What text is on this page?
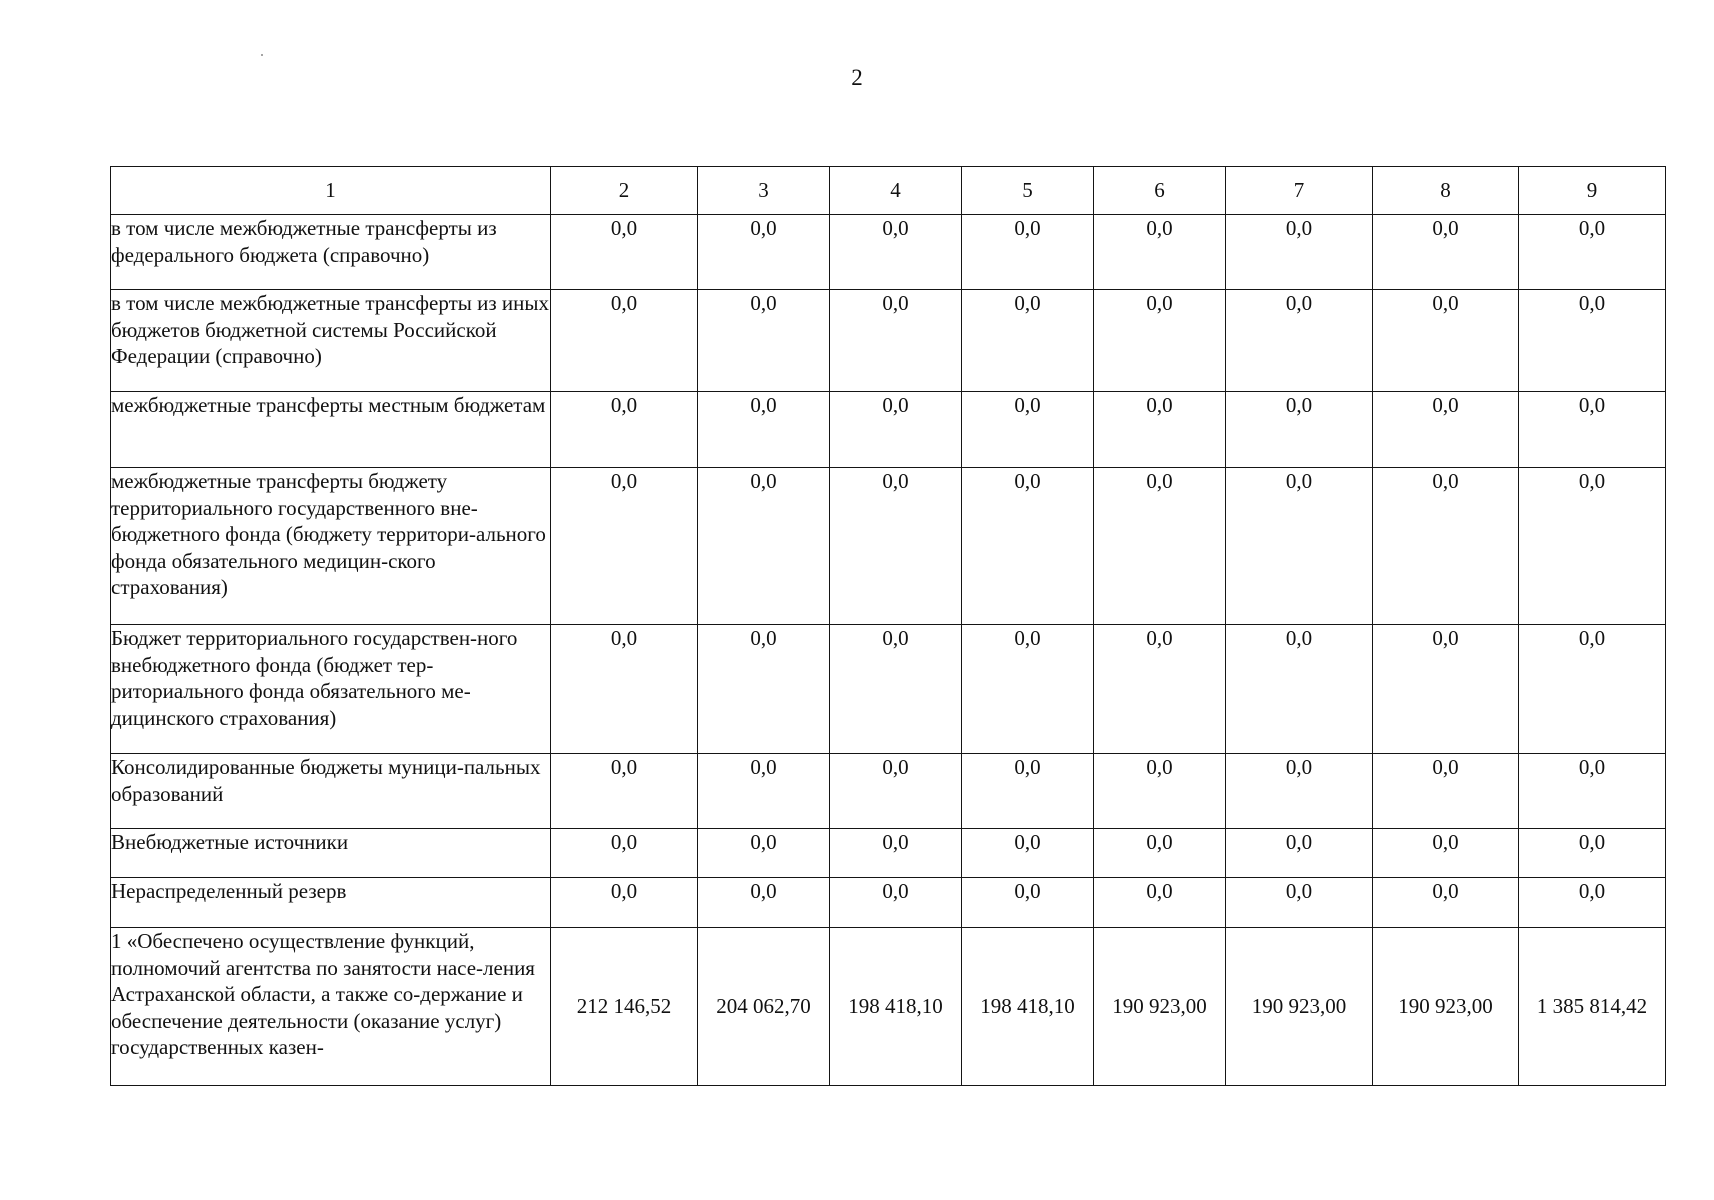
2
1	2	3	4	5	6	7	8	9
в том числе межбюджетные трансферты из федерального бюджета (справочно)	0,0	0,0	0,0	0,0	0,0	0,0	0,0	0,0
в том числе межбюджетные трансферты из иных бюджетов бюджетной системы Российской Федерации (справочно)	0,0	0,0	0,0	0,0	0,0	0,0	0,0	0,0
межбюджетные трансферты местным бюджетам	0,0	0,0	0,0	0,0	0,0	0,0	0,0	0,0
межбюджетные трансферты бюджету территориального государственного вне-бюджетного фонда (бюджету территори-ального фонда обязательного медицин-ского страхования)	0,0	0,0	0,0	0,0	0,0	0,0	0,0	0,0
Бюджет территориального государствен-ного внебюджетного фонда (бюджет тер-риториального фонда обязательного ме-дицинского страхования)	0,0	0,0	0,0	0,0	0,0	0,0	0,0	0,0
Консолидированные бюджеты муници-пальных образований	0,0	0,0	0,0	0,0	0,0	0,0	0,0	0,0
Внебюджетные источники	0,0	0,0	0,0	0,0	0,0	0,0	0,0	0,0
Нераспределенный резерв	0,0	0,0	0,0	0,0	0,0	0,0	0,0	0,0
1 «Обеспечено осуществление функций, полномочий агентства по занятости насе-ления Астраханской области, а также со-держание и обеспечение деятельности (оказание услуг) государственных казен-	212 146,52	204 062,70	198 418,10	198 418,10	190 923,00	190 923,00	190 923,00	1 385 814,42
